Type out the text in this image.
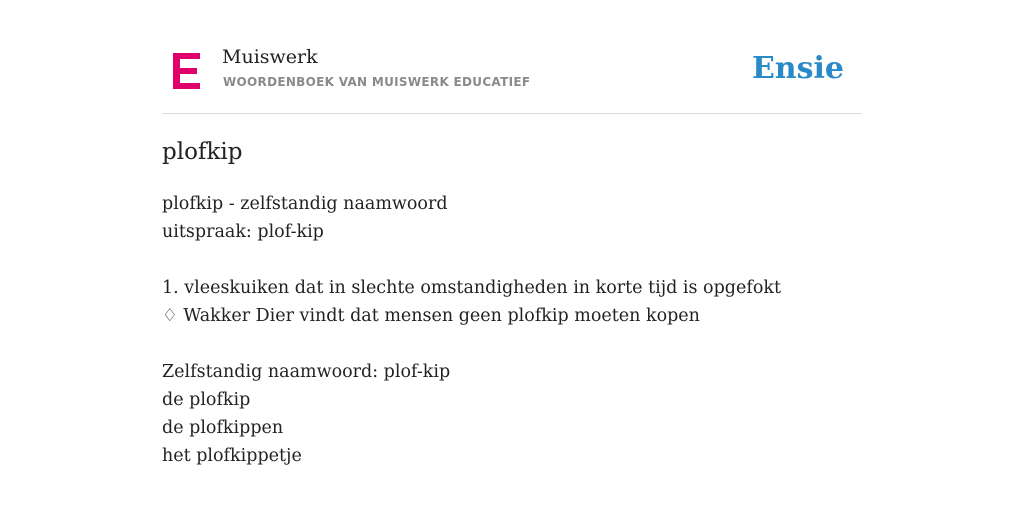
Muiswerk
WOORDENBOEK VAN MUISWERK EDUCATIEF	Ensie
plofkip
plofkip - zelfstandig naamwoord
uitspraak: plof-kip
1. vleeskuiken dat in slechte omstandigheden in korte tijd is opgefokt
♢ Wakker Dier vindt dat mensen geen plofkip moeten kopen
Zelfstandig naamwoord: plof-kip
de plofkip
de plofkippen
het plofkippetje
